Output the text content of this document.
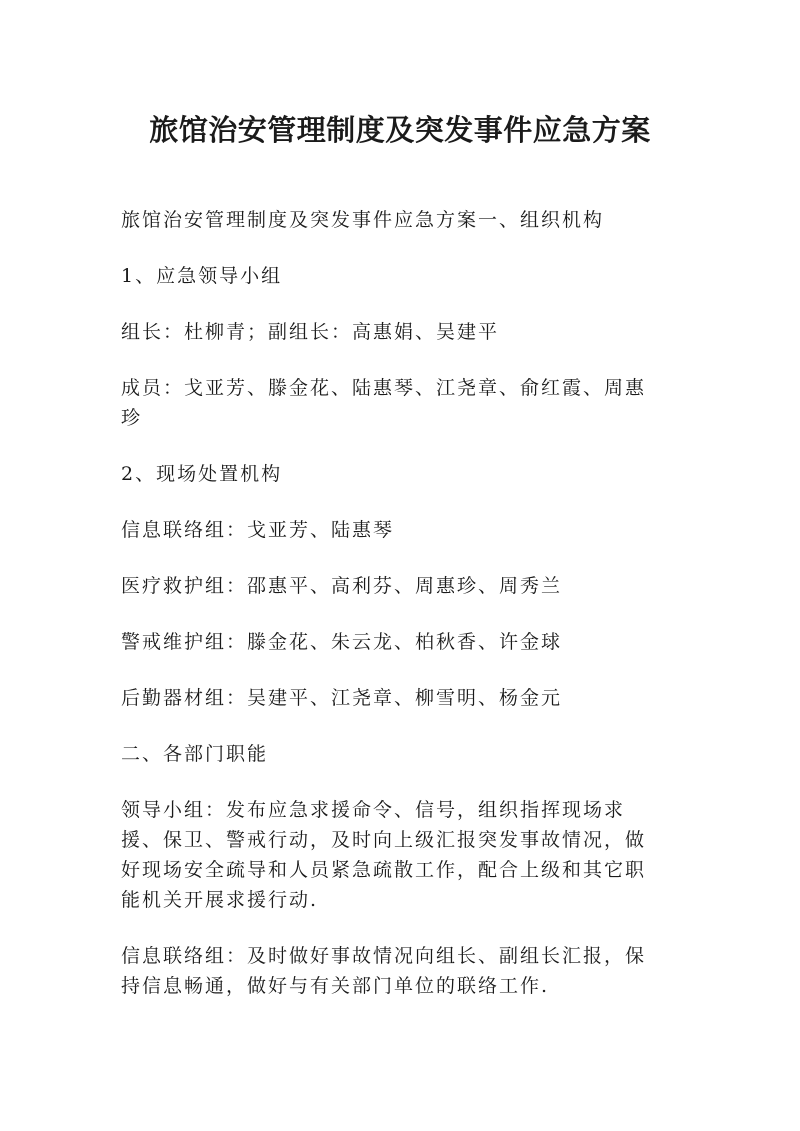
旅馆治安管理制度及突发事件应急方案

旅馆治安管理制度及突发事件应急方案一、组织机构

1、应急领导小组

组长：杜柳青；副组长：高惠娟、吴建平

成员：戈亚芳、滕金花、陆惠琴、江尧章、俞红霞、周惠珍

2、现场处置机构

信息联络组：戈亚芳、陆惠琴

医疗救护组：邵惠平、高利芬、周惠珍、周秀兰

警戒维护组：滕金花、朱云龙、柏秋香、许金球

后勤器材组：吴建平、江尧章、柳雪明、杨金元

二、各部门职能

领导小组：发布应急求援命令、信号，组织指挥现场求援、保卫、警戒行动，及时向上级汇报突发事故情况，做好现场安全疏导和人员紧急疏散工作，配合上级和其它职能机关开展求援行动.

信息联络组：及时做好事故情况向组长、副组长汇报，保持信息畅通，做好与有关部门单位的联络工作.
